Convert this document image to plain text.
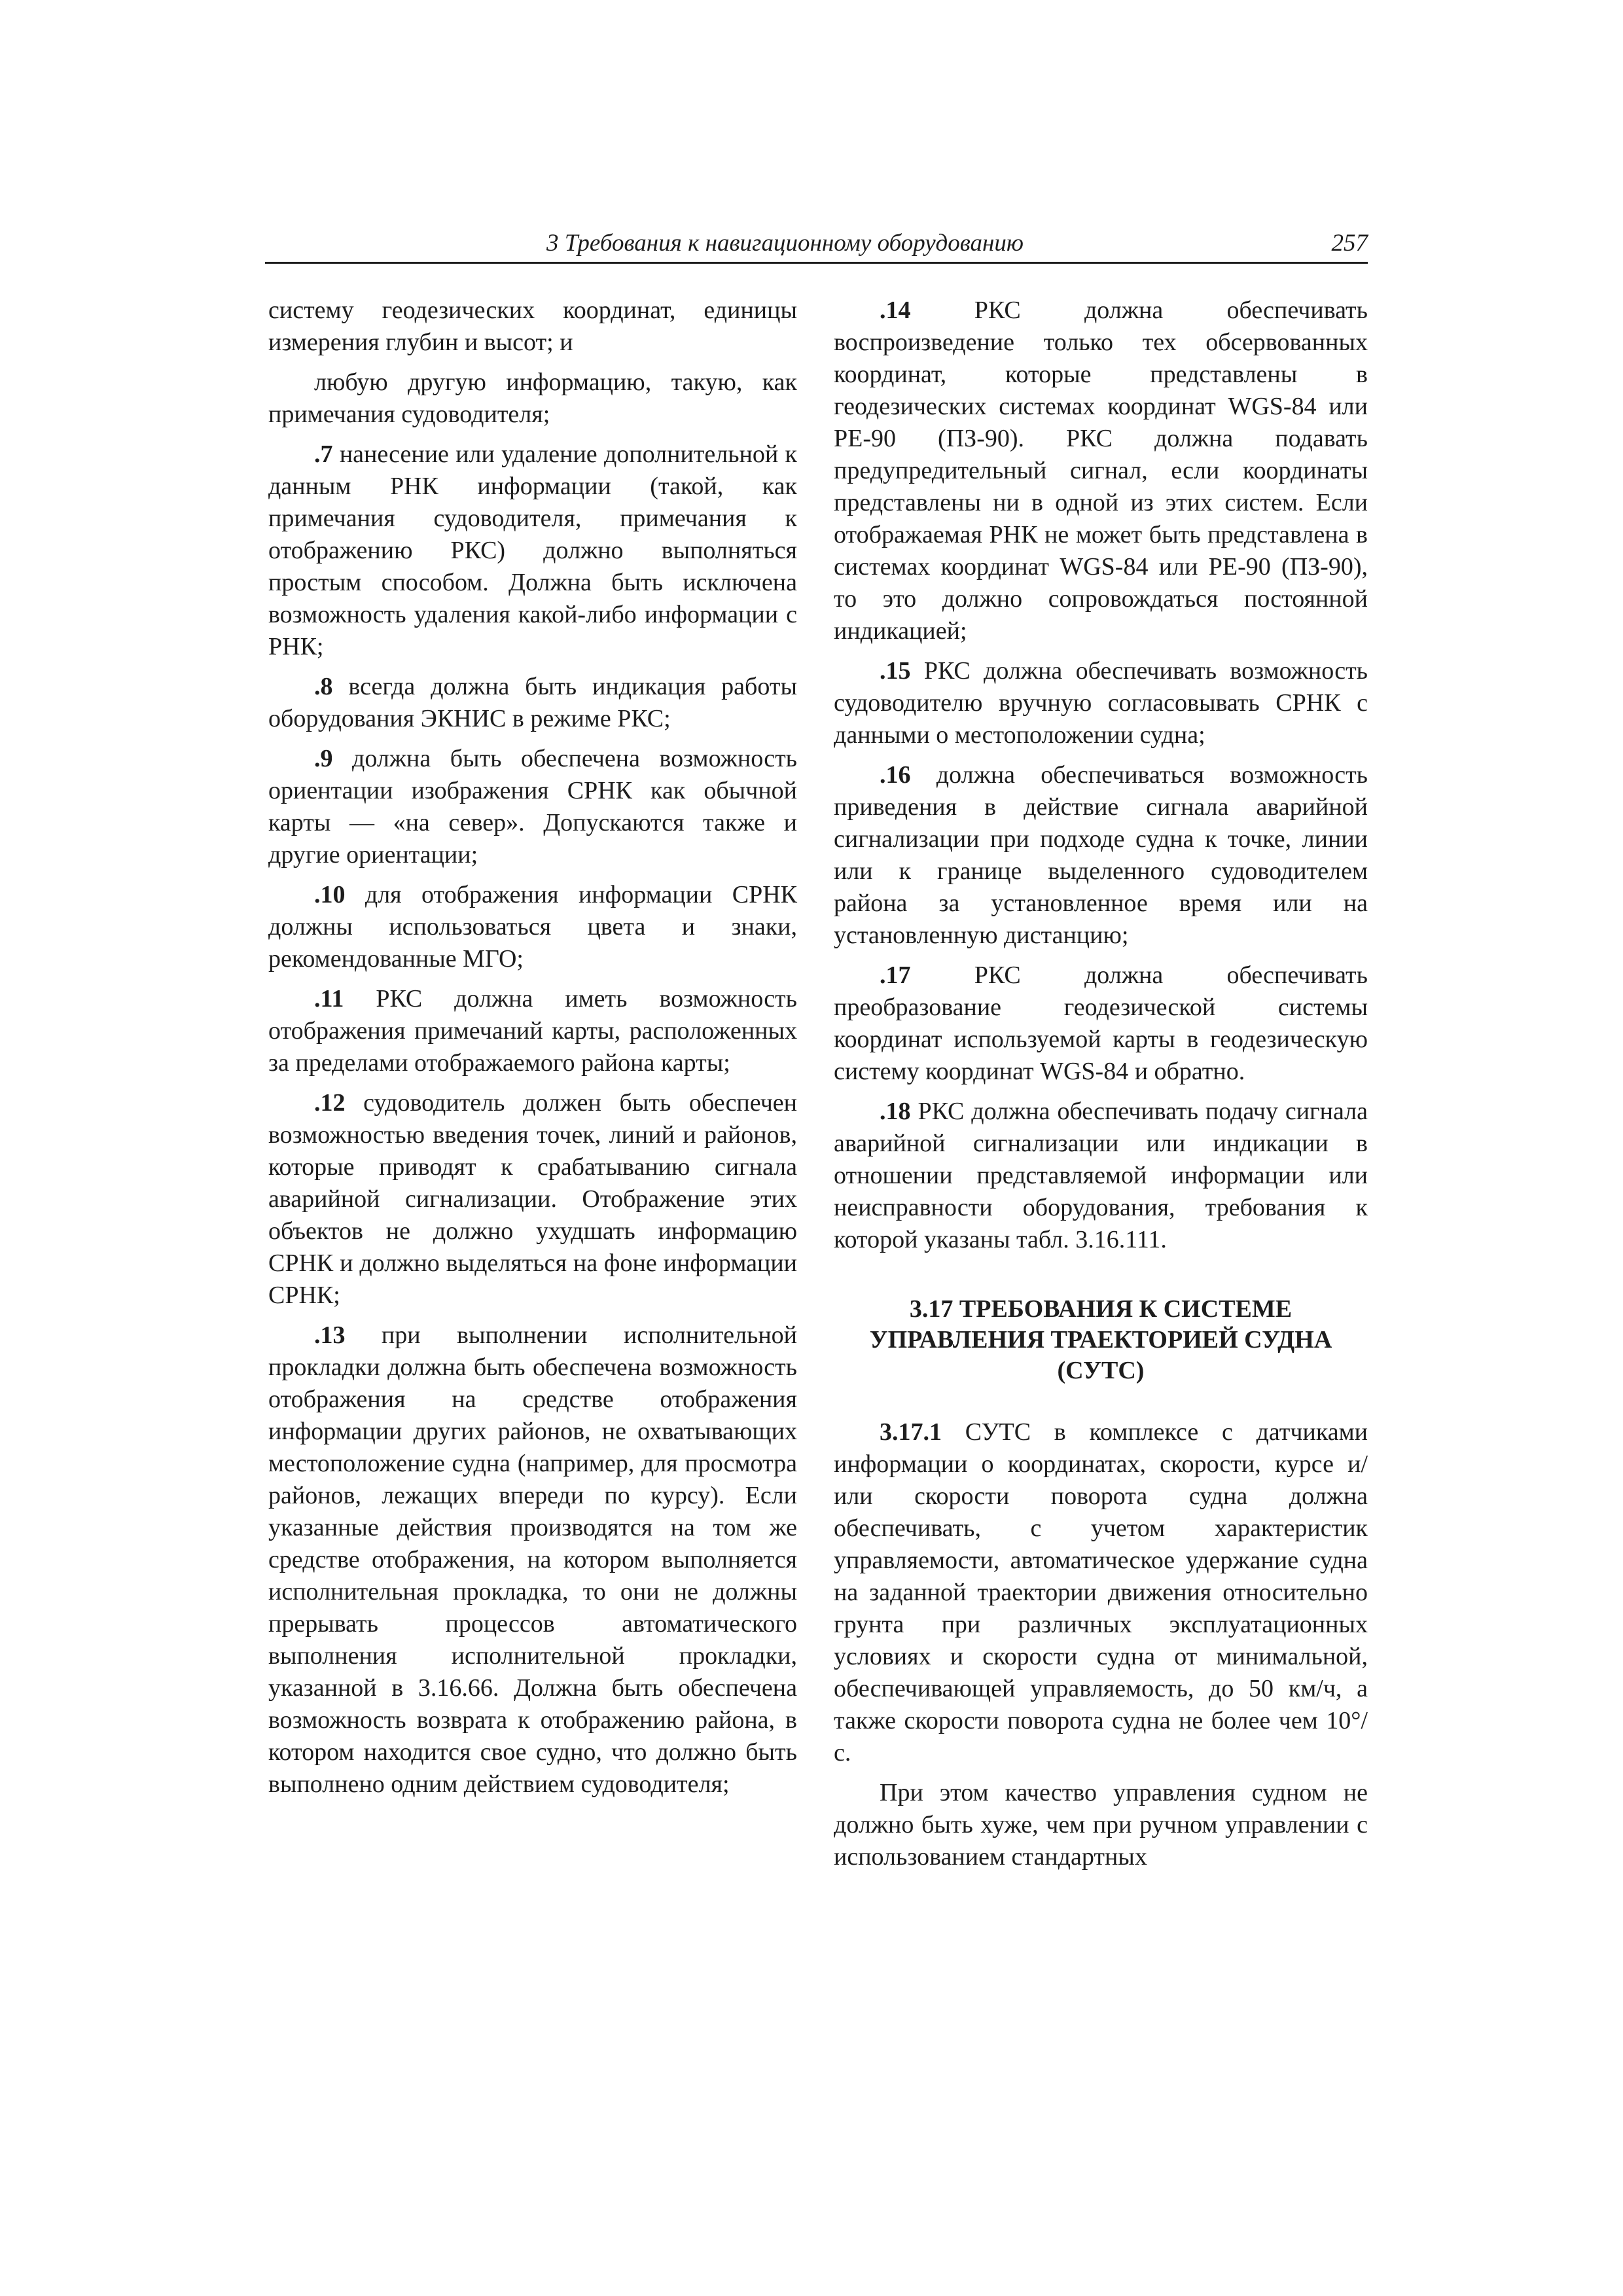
3 Требования к навигационному оборудованию	257

систему геодезических координат, единицы измерения глубин и высот; и

любую другую информацию, такую, как примечания судоводителя;

.7 нанесение или удаление дополнительной к данным РНК информации (такой, как примечания судоводителя, примечания к отображению РКС) должно выполняться простым способом. Должна быть исключена возможность удаления какой-либо информации с РНК;

.8 всегда должна быть индикация работы оборудования ЭКНИС в режиме РКС;

.9 должна быть обеспечена возможность ориентации изображения СРНК как обычной карты — «на север». Допускаются также и другие ориентации;

.10 для отображения информации СРНК должны использоваться цвета и знаки, рекомендованные МГО;

.11 РКС должна иметь возможность отображения примечаний карты, расположенных за пределами отображаемого района карты;

.12 судоводитель должен быть обеспечен возможностью введения точек, линий и районов, которые приводят к срабатыванию сигнала аварийной сигнализации. Отображение этих объектов не должно ухудшать информацию СРНК и должно выделяться на фоне информации СРНК;

.13 при выполнении исполнительной прокладки должна быть обеспечена возможность отображения на средстве отображения информации других районов, не охватывающих местоположение судна (например, для просмотра районов, лежащих впереди по курсу). Если указанные действия производятся на том же средстве отображения, на котором выполняется исполнительная прокладка, то они не должны прерывать процессов автоматического выполнения исполнительной прокладки, указанной в 3.16.66. Должна быть обеспечена возможность возврата к отображению района, в котором находится свое судно, что должно быть выполнено одним действием судоводителя;

.14	РКС должна обеспечивать воспроизведение только тех обсервованных координат, которые представлены в геодезических системах координат WGS-84 или PE-90 (ПЗ-90). РКС должна подавать предупредительный сигнал, если координаты представлены ни в одной из этих систем. Если отображаемая РНК не может быть представлена в системах координат WGS-84 или PE-90 (ПЗ-90), то это должно сопровождаться постоянной индикацией;

.15 РКС должна обеспечивать возможность судоводителю вручную согласовывать СРНК с данными о местоположении судна;

.16 должна обеспечиваться возможность приведения в действие сигнала аварийной сигнализации при подходе судна к точке, линии или к границе выделенного судоводителем района за установленное время или на установленную дистанцию;

.17	РКС должна обеспечивать преобразование геодезической системы координат используемой карты в геодезическую систему координат WGS-84 и обратно.

.18 РКС должна обеспечивать подачу сигнала аварийной сигнализации или индикации в отношении представляемой информации или неисправности оборудования, требования к которой указаны табл. 3.16.111.

3.17 ТРЕБОВАНИЯ К СИСТЕМЕ
УПРАВЛЕНИЯ ТРАЕКТОРИЕЙ СУДНА
(СУТС)

3.17.1 СУТС в комплексе с датчиками информации о координатах, скорости, курсе и/или скорости поворота судна должна обеспечивать, с учетом характеристик управляемости, автоматическое удержание судна на заданной траектории движения относительно грунта при различных эксплуатационных условиях и скорости судна от минимальной, обеспечивающей управляемость, до 50 км/ч, а также скорости поворота судна не более чем 10°/с.

При этом качество управления судном не должно быть хуже, чем при ручном управлении с использованием стандартных
